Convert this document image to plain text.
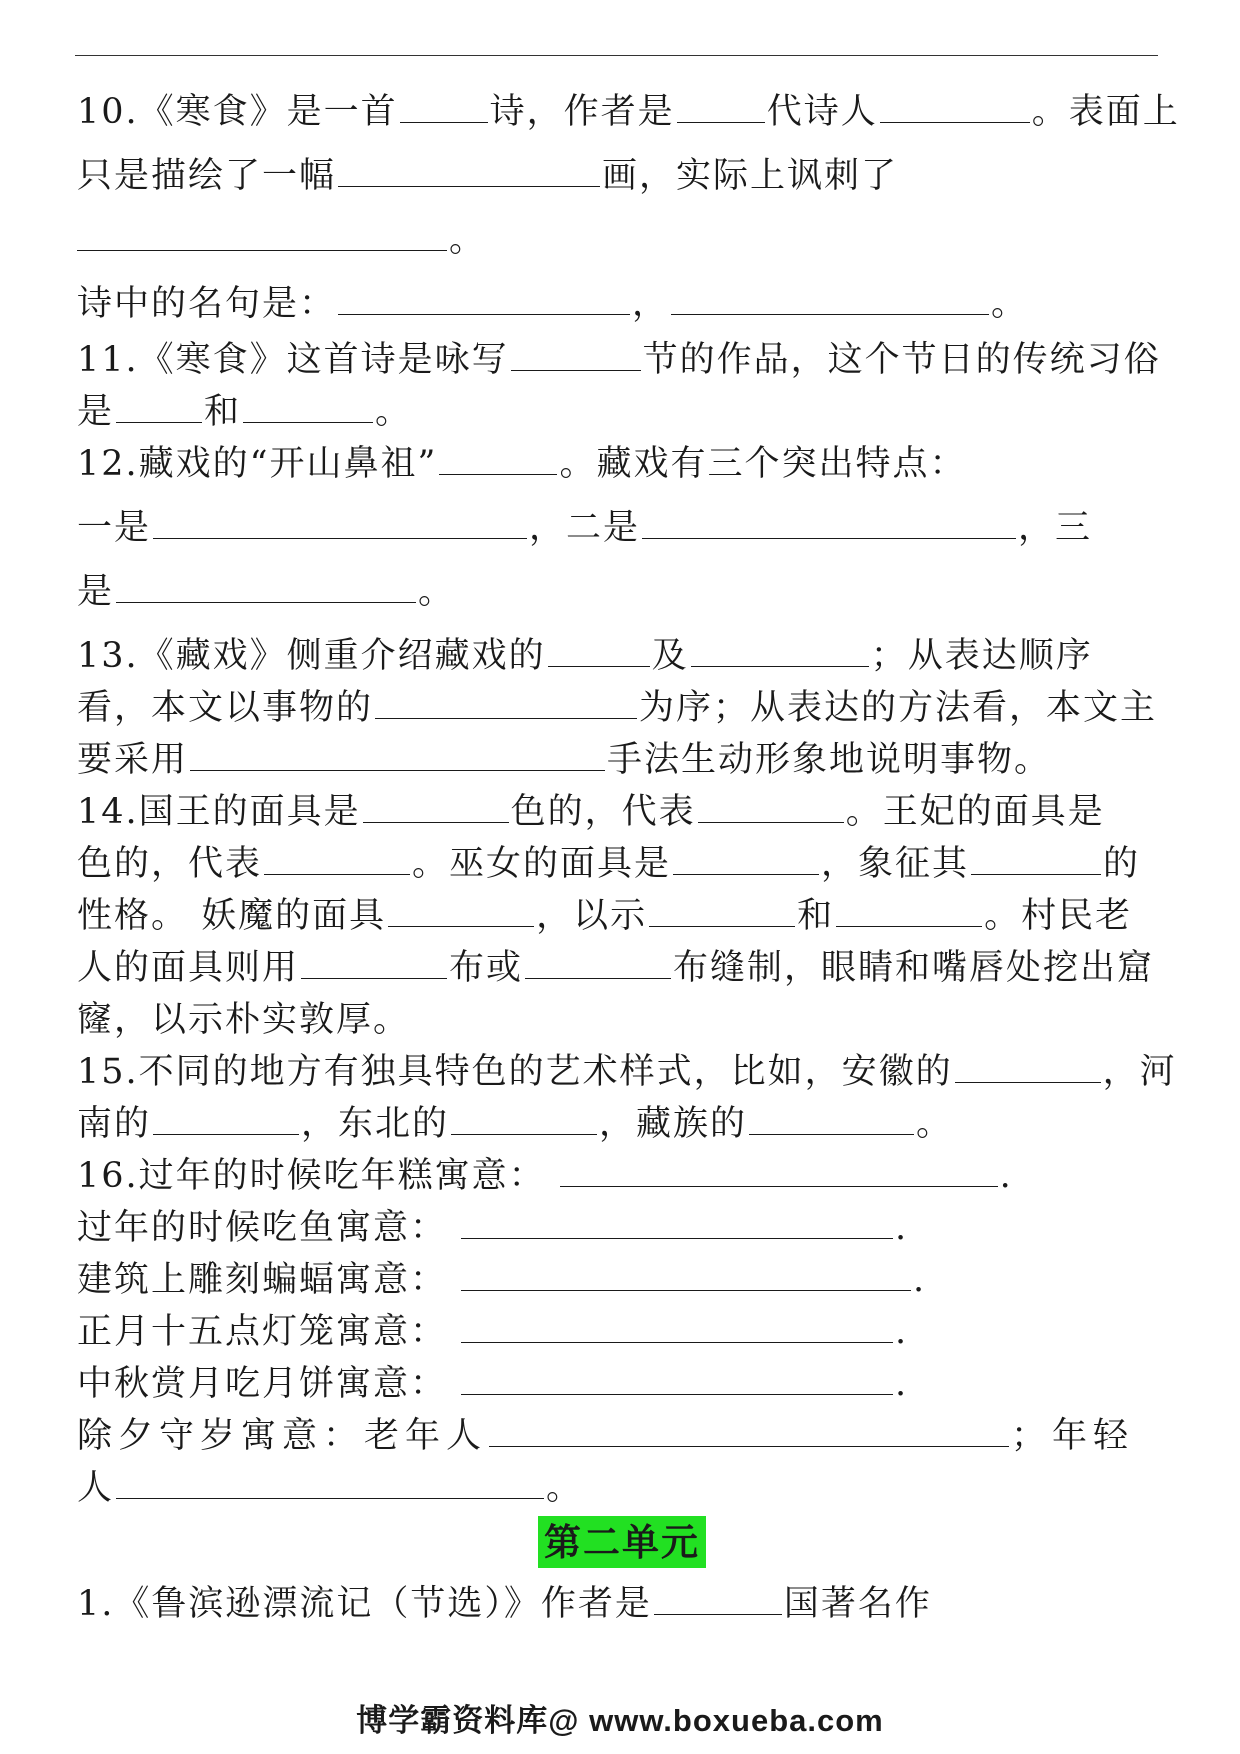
10.《寒食》是一首	诗，作者是	代诗人	。表面上
只是描绘了一幅	画，实际上讽刺了
。
诗中的名句是：	，	。
11.《寒食》这首诗是咏写	节的作品，这个节日的传统习俗
是	和	。
12.藏戏的“开山鼻祖”	。藏戏有三个突出特点：
一是	，二是	，三
是	。
13.《藏戏》侧重介绍藏戏的	及	；从表达顺序
看，本文以事物的	为序；从表达的方法看，本文主
要采用	手法生动形象地说明事物。
14.国王的面具是	色的，代表	。王妃的面具是
色的，代表	。巫女的面具是	，象征其	的
性格。 妖魔的面具	，以示	和	。村民老
人的面具则用	布或	布缝制，眼睛和嘴唇处挖出窟
窿，以示朴实敦厚。
15.不同的地方有独具特色的艺术样式，比如，安徽的	，河
南的	，东北的	，藏族的	。
16.过年的时候吃年糕寓意：	.
过年的时候吃鱼寓意：	.
建筑上雕刻蝙蝠寓意：	.
正月十五点灯笼寓意：	.
中秋赏月吃月饼寓意：	.
除夕守岁寓意：老年人	；年轻
人	。
第二单元
1.《鲁滨逊漂流记（节选）》作者是	国著名作
博学霸资料库@ www.boxueba.com
